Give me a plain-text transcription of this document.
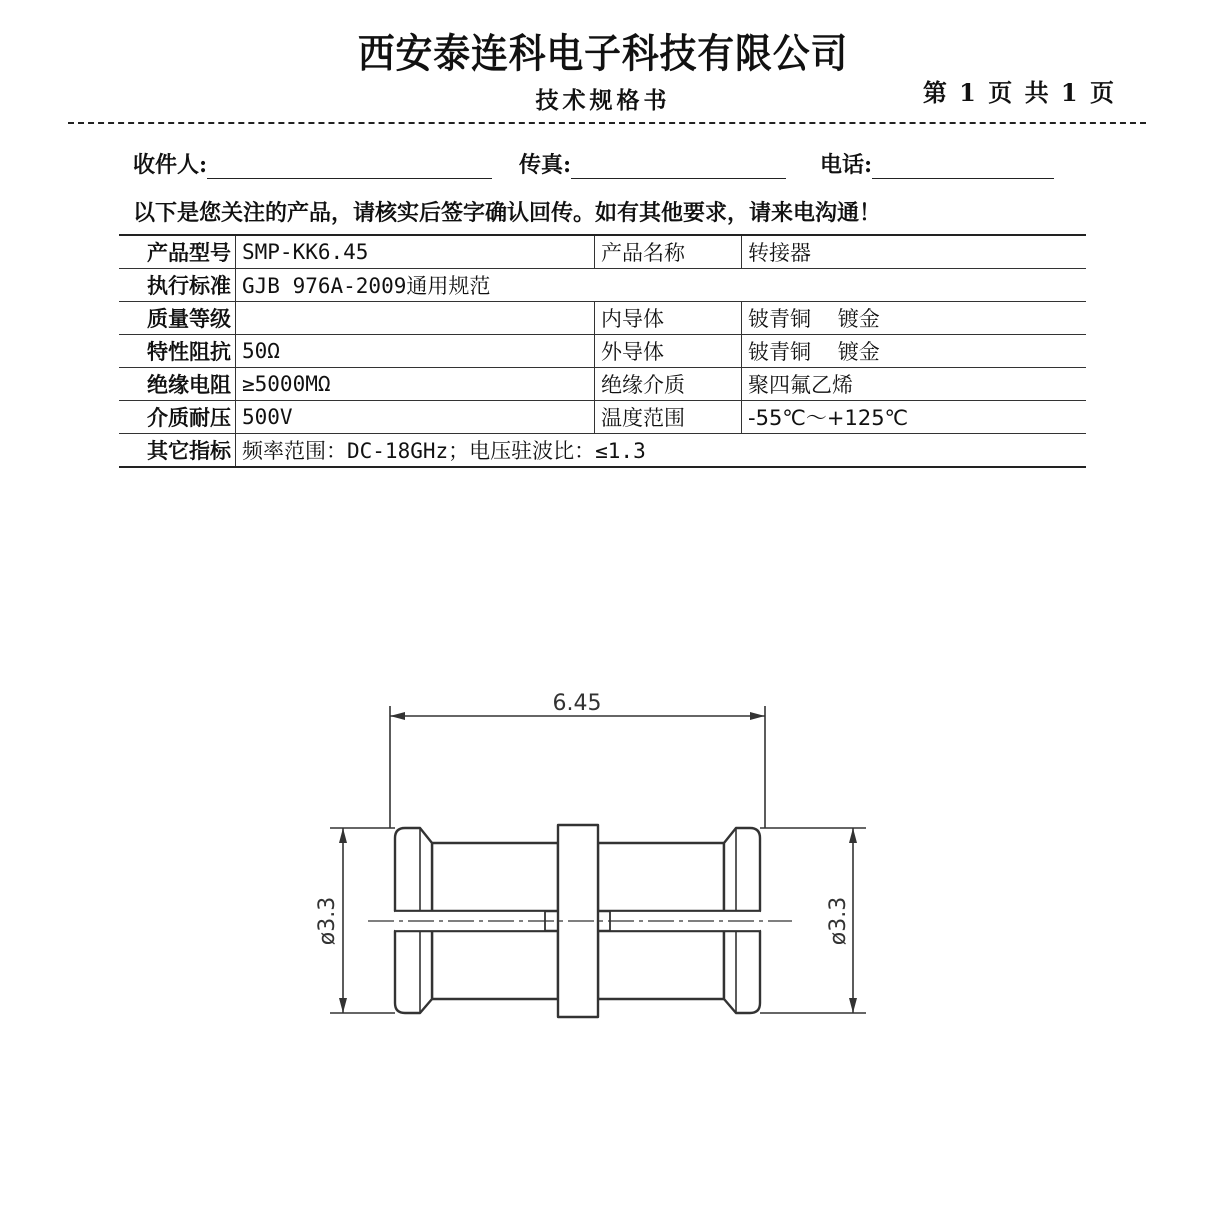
西安泰连科电子科技有限公司
技术规格书	第 1 页 共 1 页
收件人:	传真:	电话:
以下是您关注的产品，请核实后签字确认回传。如有其他要求，请来电沟通！
产品型号	SMP-KK6.45	产品名称	转接器
执行标准	GJB 976A-2009通用规范		
质量等级		内导体	铍青铜    镀金
特性阻抗	50Ω	外导体	铍青铜    镀金
绝缘电阻	≥5000MΩ	绝缘介质	聚四氟乙烯
介质耐压	500V	温度范围	-55℃～+125℃
其它指标	频率范围：DC-18GHz；电压驻波比：≤1.3		
6.45
ø3.3	ø3.3
